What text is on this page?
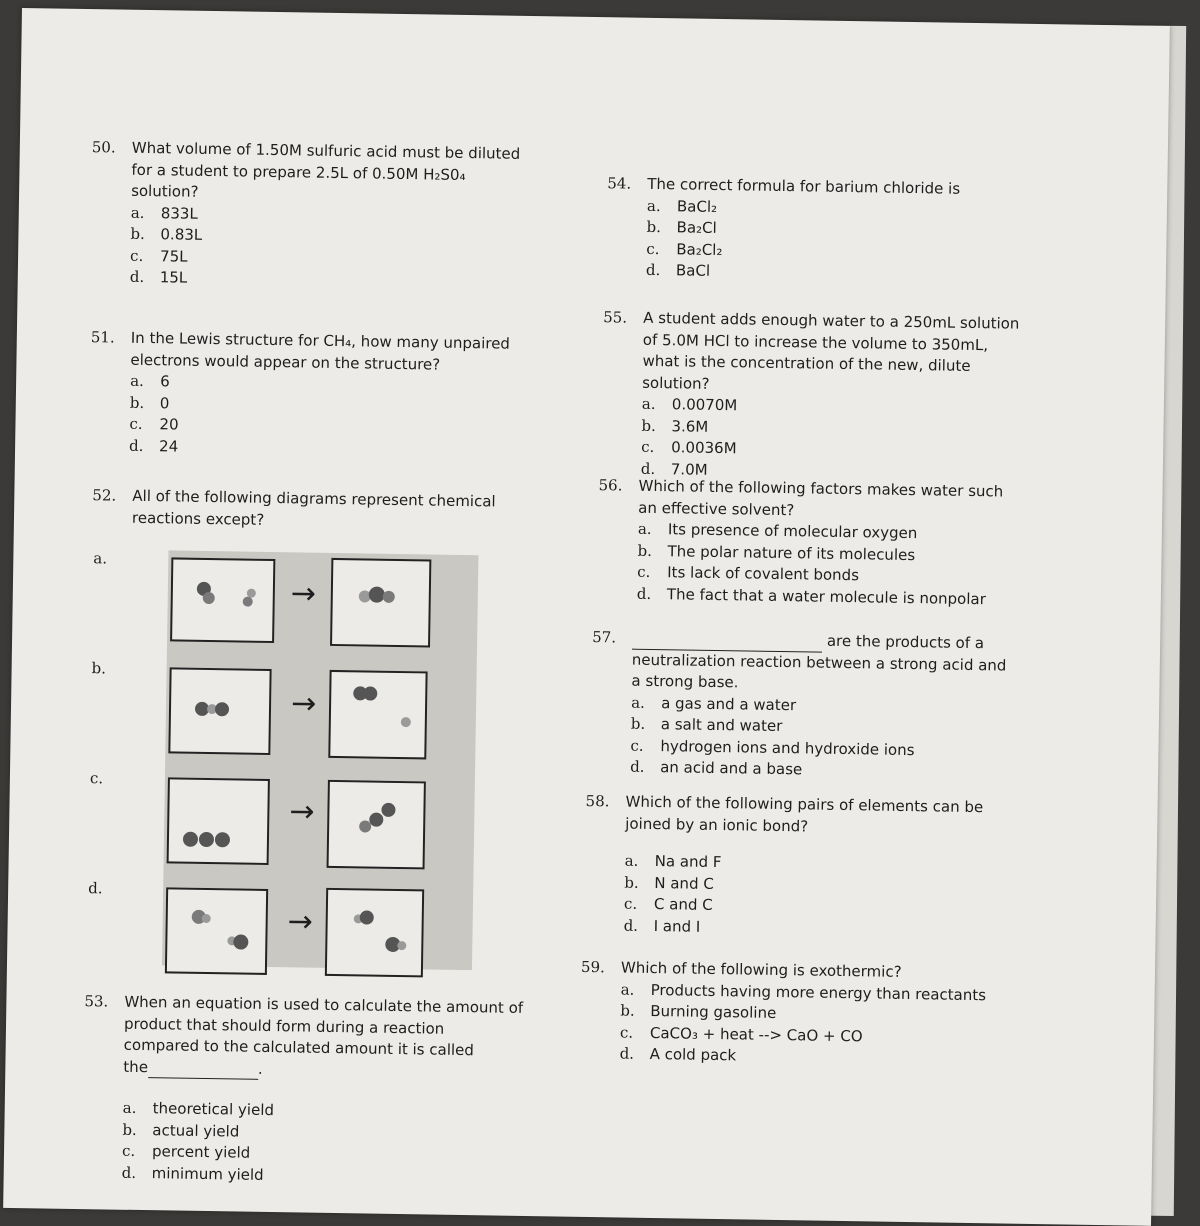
50.	What volume of 1.50M sulfuric acid must be diluted for a student to prepare 2.5L of 0.50M H₂S0₄ solution?
a.	833L
b.	0.83L
c.	75L
d.	15L
51.	In the Lewis structure for CH₄, how many unpaired electrons would appear on the structure?
a.	6
b.	0
c.	20
d.	24
52.	All of the following diagrams represent chemical reactions except?
a.
→
b.
→
c.
→
d.
→
53.	When an equation is used to calculate the amount of product that should form during a reaction compared to the calculated amount it is called
the	.
a.	theoretical yield
b.	actual yield
c.	percent yield
d.	minimum yield
54.	The correct formula for barium chloride is
a.	BaCl₂
b.	Ba₂Cl
c.	Ba₂Cl₂
d.	BaCl
55.	A student adds enough water to a 250mL solution of 5.0M HCl to increase the volume to 350mL, what is the concentration of the new, dilute solution?
a.	0.0070M
b.	3.6M
c.	0.0036M
d.	7.0M
56.	Which of the following factors makes water such an effective solvent?
a.	Its presence of molecular oxygen
b.	The polar nature of its molecules
c.	Its lack of covalent bonds
d.	The fact that a water molecule is nonpolar
57.	are the products of a neutralization reaction between a strong acid and a strong base.
a.	a gas and a water
b.	a salt and water
c.	hydrogen ions and hydroxide ions
d.	an acid and a base
58.	Which of the following pairs of elements can be joined by an ionic bond?
a.	Na and F
b.	N and C
c.	C and C
d.	I and I
59.	Which of the following is exothermic?
a.	Products having more energy than reactants
b.	Burning gasoline
c.	CaCO₃ + heat --> CaO + CO
d.	A cold pack
